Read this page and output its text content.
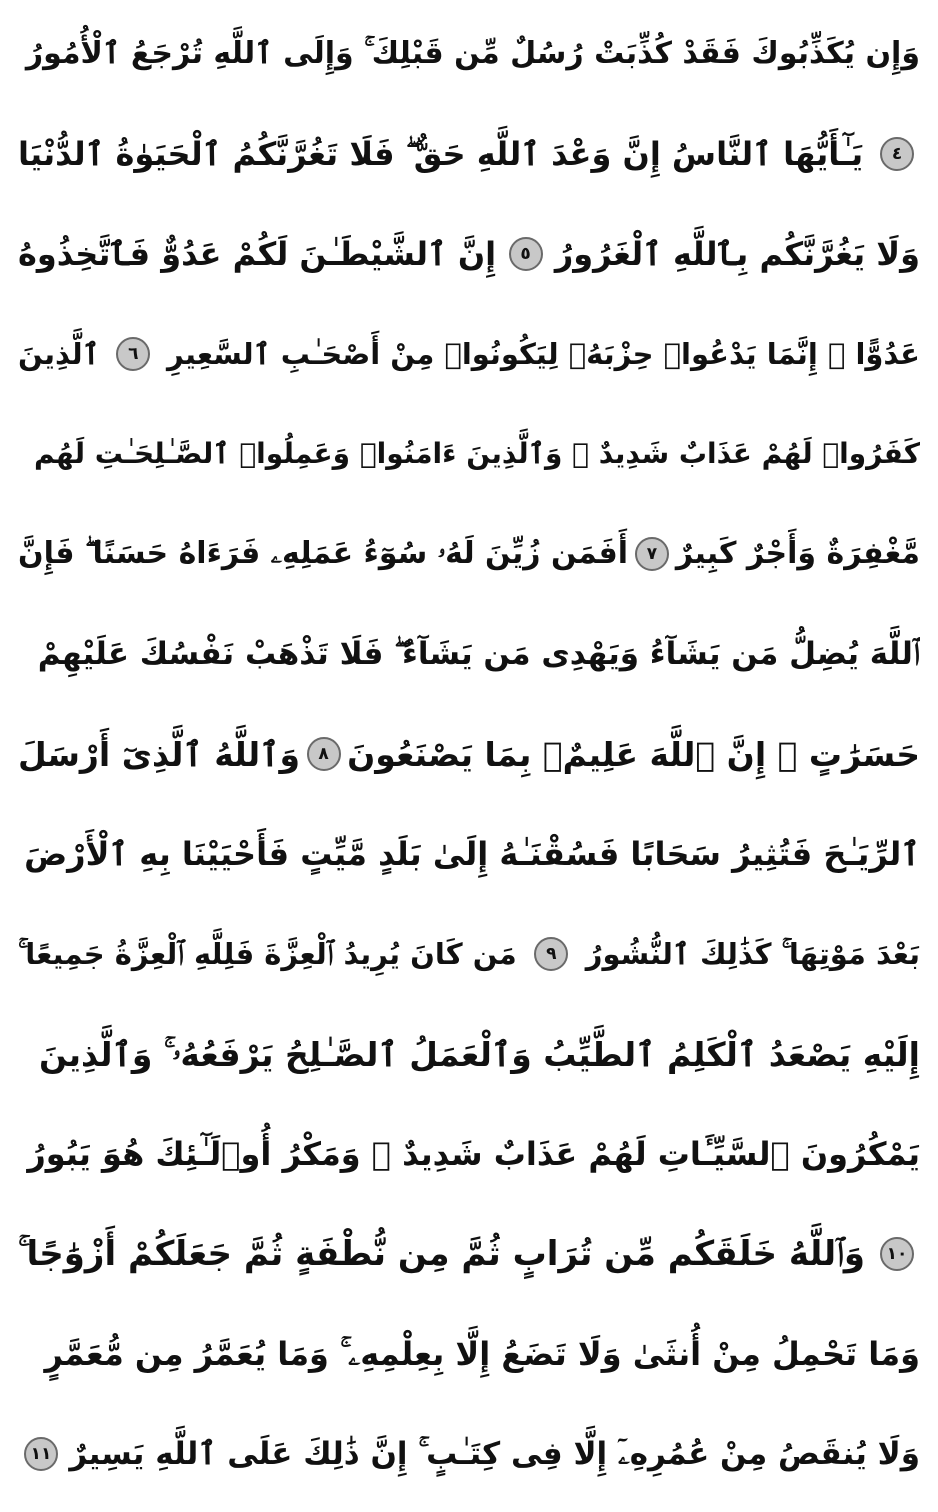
وَإِن يُكَذِّبُوكَ فَقَدْ كُذِّبَتْ رُسُلٌ مِّن قَبْلِكَ ۚ وَإِلَى ٱللَّهِ تُرْجَعُ ٱلْأُمُورُ
٤
يَـٰٓأَيُّهَا ٱلنَّاسُ إِنَّ وَعْدَ ٱللَّهِ حَقٌّ ۖ فَلَا تَغُرَّنَّكُمُ ٱلْحَيَوٰةُ ٱلدُّنْيَا
وَلَا يَغُرَّنَّكُم بِٱللَّهِ ٱلْغَرُورُ
٥
إِنَّ ٱلشَّيْطَـٰنَ لَكُمْ عَدُوٌّ فَٱتَّخِذُوهُ
عَدُوًّا ۚ إِنَّمَا يَدْعُوا۟ حِزْبَهُۥ لِيَكُونُوا۟ مِنْ أَصْحَـٰبِ ٱلسَّعِيرِ
٦
ٱلَّذِينَ
كَفَرُوا۟ لَهُمْ عَذَابٌ شَدِيدٌ ۖ وَٱلَّذِينَ ءَامَنُوا۟ وَعَمِلُوا۟ ٱلصَّـٰلِحَـٰتِ لَهُم
مَّغْفِرَةٌ وَأَجْرٌ كَبِيرٌ
٧
أَفَمَن زُيِّنَ لَهُۥ سُوٓءُ عَمَلِهِۦ فَرَءَاهُ حَسَنًا ۖ فَإِنَّ
ٱللَّهَ يُضِلُّ مَن يَشَآءُ وَيَهْدِى مَن يَشَآءُ ۖ فَلَا تَذْهَبْ نَفْسُكَ عَلَيْهِمْ
حَسَرَٰتٍ ۚ إِنَّ ٱللَّهَ عَلِيمٌۢ بِمَا يَصْنَعُونَ
٨
وَٱللَّهُ ٱلَّذِىٓ أَرْسَلَ
ٱلرِّيَـٰحَ فَتُثِيرُ سَحَابًا فَسُقْنَـٰهُ إِلَىٰ بَلَدٍ مَّيِّتٍ فَأَحْيَيْنَا بِهِ ٱلْأَرْضَ
بَعْدَ مَوْتِهَا ۚ كَذَٰلِكَ ٱلنُّشُورُ
٩
مَن كَانَ يُرِيدُ ٱلْعِزَّةَ فَلِلَّهِ ٱلْعِزَّةُ جَمِيعًا ۚ
إِلَيْهِ يَصْعَدُ ٱلْكَلِمُ ٱلطَّيِّبُ وَٱلْعَمَلُ ٱلصَّـٰلِحُ يَرْفَعُهُۥ ۚ وَٱلَّذِينَ
يَمْكُرُونَ ٱلسَّيِّـَٔاتِ لَهُمْ عَذَابٌ شَدِيدٌ ۖ وَمَكْرُ أُو۟لَـٰٓئِكَ هُوَ يَبُورُ
١٠
وَٱللَّهُ خَلَقَكُم مِّن تُرَابٍ ثُمَّ مِن نُّطْفَةٍ ثُمَّ جَعَلَكُمْ أَزْوَٰجًا ۚ
وَمَا تَحْمِلُ مِنْ أُنثَىٰ وَلَا تَضَعُ إِلَّا بِعِلْمِهِۦ ۚ وَمَا يُعَمَّرُ مِن مُّعَمَّرٍ
وَلَا يُنقَصُ مِنْ عُمُرِهِۦٓ إِلَّا فِى كِتَـٰبٍ ۚ إِنَّ ذَٰلِكَ عَلَى ٱللَّهِ يَسِيرٌ
١١
